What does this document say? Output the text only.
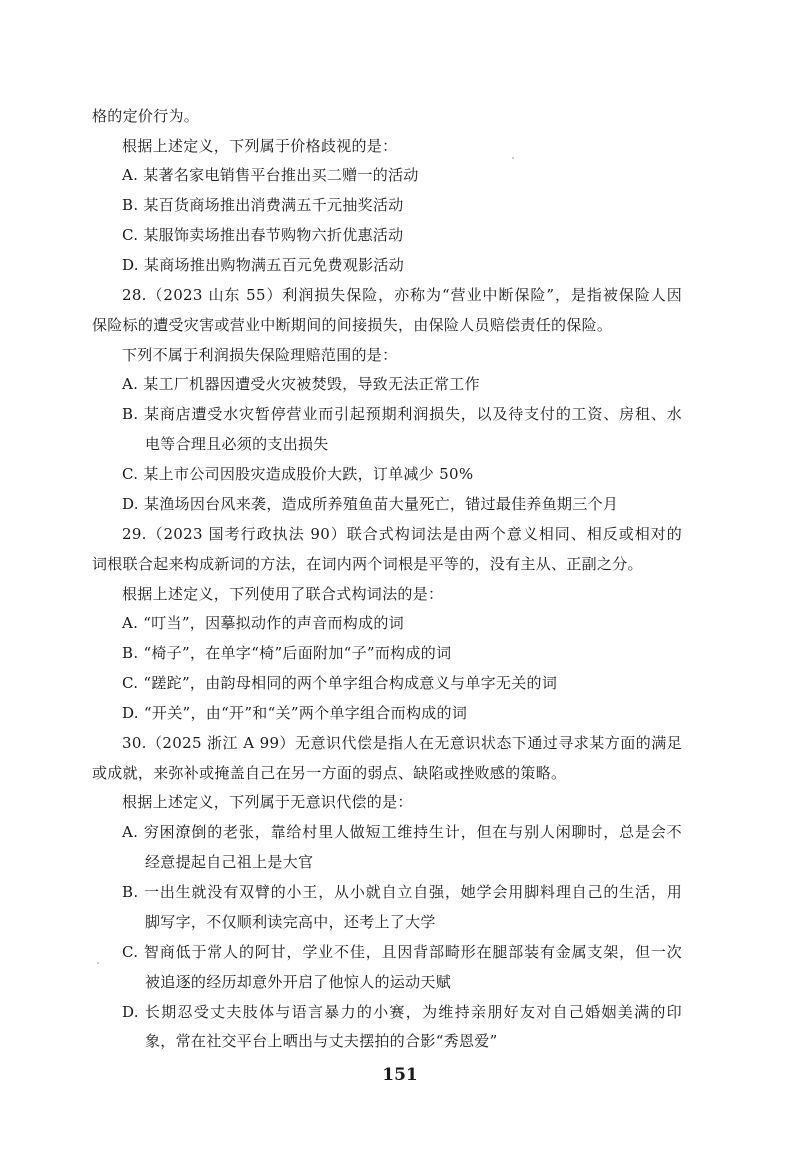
格的定价行为。
根据上述定义，下列属于价格歧视的是：
A. 某著名家电销售平台推出买二赠一的活动
B. 某百货商场推出消费满五千元抽奖活动
C. 某服饰卖场推出春节购物六折优惠活动
D. 某商场推出购物满五百元免费观影活动
28.（2023 山东 55）利润损失保险，亦称为“营业中断保险”，是指被保险人因
保险标的遭受灾害或营业中断期间的间接损失，由保险人员赔偿责任的保险。
下列不属于利润损失保险理赔范围的是：
A. 某工厂机器因遭受火灾被焚毁，导致无法正常工作
B. 某商店遭受水灾暂停营业而引起预期利润损失，以及待支付的工资、房租、水
电等合理且必须的支出损失
C. 某上市公司因股灾造成股价大跌，订单减少 50%
D. 某渔场因台风来袭，造成所养殖鱼苗大量死亡，错过最佳养鱼期三个月
29.（2023 国考行政执法 90）联合式构词法是由两个意义相同、相反或相对的
词根联合起来构成新词的方法，在词内两个词根是平等的，没有主从、正副之分。
根据上述定义，下列使用了联合式构词法的是：
A. “叮当”，因摹拟动作的声音而构成的词
B. “椅子”，在单字“椅”后面附加“子”而构成的词
C. “蹉跎”，由韵母相同的两个单字组合构成意义与单字无关的词
D. “开关”，由“开”和“关”两个单字组合而构成的词
30.（2025 浙江 A 99）无意识代偿是指人在无意识状态下通过寻求某方面的满足
或成就，来弥补或掩盖自己在另一方面的弱点、缺陷或挫败感的策略。
根据上述定义，下列属于无意识代偿的是：
A. 穷困潦倒的老张，靠给村里人做短工维持生计，但在与别人闲聊时，总是会不
经意提起自己祖上是大官
B. 一出生就没有双臂的小王，从小就自立自强，她学会用脚料理自己的生活，用
脚写字，不仅顺利读完高中，还考上了大学
C. 智商低于常人的阿甘，学业不佳，且因背部畸形在腿部装有金属支架，但一次
被追逐的经历却意外开启了他惊人的运动天赋
D. 长期忍受丈夫肢体与语言暴力的小赛，为维持亲朋好友对自己婚姻美满的印
象，常在社交平台上晒出与丈夫摆拍的合影“秀恩爱”
151
